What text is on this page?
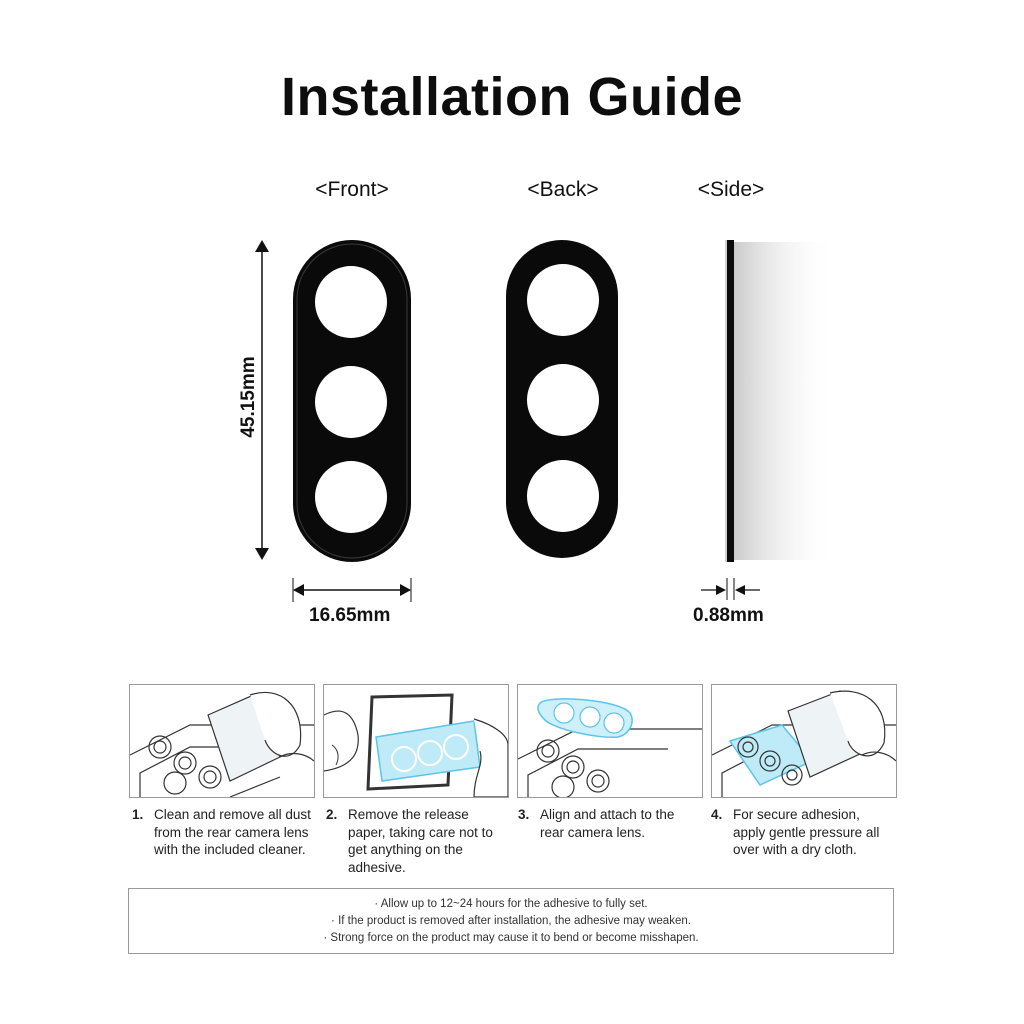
Installation Guide
<Front>	<Back>	<Side>
45.15mm
16.65mm	0.88mm
1. Clean and remove all dust from the rear camera lens with the included cleaner.
2. Remove the release paper, taking care not to get anything on the adhesive.
3. Align and attach to the rear camera lens.
4. For secure adhesion, apply gentle pressure all over with a dry cloth.
· Allow up to 12~24 hours for the adhesive to fully set.
· If the product is removed after installation, the adhesive may weaken.
· Strong force on the product may cause it to bend or become misshapen.
